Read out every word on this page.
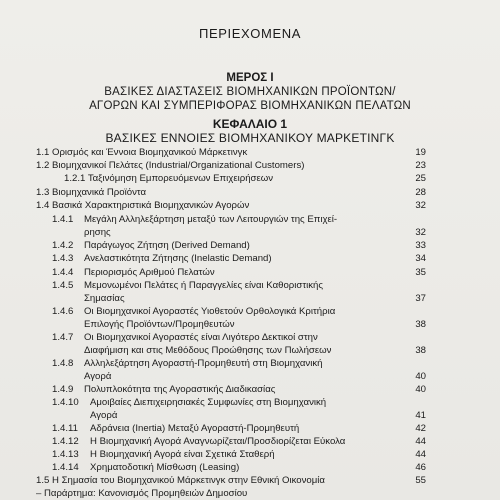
ΠΕΡΙΕΧΟΜΕΝΑ
ΜΕΡΟΣ Ι
ΒΑΣΙΚΕΣ ΔΙΑΣΤΑΣΕΙΣ ΒΙΟΜΗΧΑΝΙΚΩΝ ΠΡΟΪΟΝΤΩΝ/
ΑΓΟΡΩΝ ΚΑΙ ΣΥΜΠΕΡΙΦΟΡΑΣ ΒΙΟΜΗΧΑΝΙΚΩΝ ΠΕΛΑΤΩΝ
ΚΕΦΑΛΑΙΟ 1
ΒΑΣΙΚΕΣ ΕΝΝΟΙΕΣ ΒΙΟΜΗΧΑΝΙΚΟΥ ΜΑΡΚΕΤΙΝΓΚ
1.1 Ορισμός και Έννοια Βιομηχανικού Μάρκετινγκ	19
1.2 Βιομηχανικοί Πελάτες (Industrial/Organizational Customers)	23
1.2.1 Ταξινόμηση Εμπορευόμενων Επιχειρήσεων	25
1.3 Βιομηχανικά Προϊόντα	28
1.4 Βασικά Χαρακτηριστικά Βιομηχανικών Αγορών	32
1.4.1 Μεγάλη Αλληλεξάρτηση μεταξύ των Λειτουργιών της Επιχεί-
ρησης	32
1.4.2 Παράγωγος Ζήτηση (Derived Demand)	33
1.4.3 Ανελαστικότητα Ζήτησης (Inelastic Demand)	34
1.4.4 Περιορισμός Αριθμού Πελατών	35
1.4.5 Μεμονωμένοι Πελάτες ή Παραγγελίες είναι Καθοριστικής
Σημασίας	37
1.4.6 Οι Βιομηχανικοί Αγοραστές Υιοθετούν Ορθολογικά Κριτήρια
Επιλογής Προϊόντων/Προμηθευτών	38
1.4.7 Οι Βιομηχανικοί Αγοραστές είναι Λιγότερο Δεκτικοί στην
Διαφήμιση και στις Μεθόδους Προώθησης των Πωλήσεων	38
1.4.8 Αλληλεξάρτηση Αγοραστή-Προμηθευτή στη Βιομηχανική
Αγορά	40
1.4.9 Πολυπλοκότητα της Αγοραστικής Διαδικασίας	40
1.4.10 Αμοιβαίες Διεπιχειρησιακές Συμφωνίες στη Βιομηχανική
Αγορά	41
1.4.11 Αδράνεια (Inertia) Μεταξύ Αγοραστή-Προμηθευτή	42
1.4.12 Η Βιομηχανική Αγορά Αναγνωρίζεται/Προσδιορίζεται Εύκολα	44
1.4.13 Η Βιομηχανική Αγορά είναι Σχετικά Σταθερή	44
1.4.14 Χρηματοδοτική Μίσθωση (Leasing)	46
1.5 Η Σημασία του Βιομηχανικού Μάρκετινγκ στην Εθνική Οικονομία	55
– Παράρτημα: Κανονισμός Προμηθειών Δημοσίου
